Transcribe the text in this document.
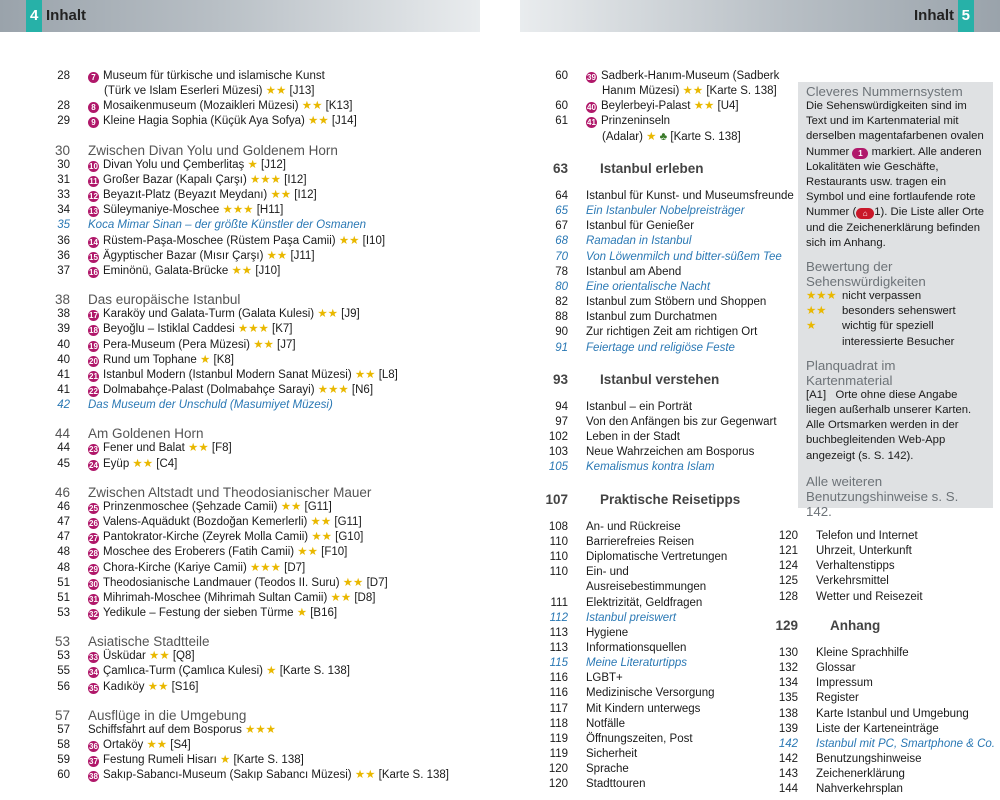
4 Inhalt	Inhalt 5
28	7 Museum für türkische und islamische Kunst
(Türk ve Islam Eserleri Müzesi) ★★ [J13]
28	8 Mosaikenmuseum (Mozaikleri Müzesi) ★★ [K13]
29	9 Kleine Hagia Sophia (Küçük Aya Sofya) ★★ [J14]
30	Zwischen Divan Yolu und Goldenem Horn
30	10 Divan Yolu und Çemberlitaş ★ [J12]
31	11 Großer Bazar (Kapalı Çarşı) ★★★ [I12]
33	12 Beyazıt-Platz (Beyazıt Meydanı) ★★ [I12]
34	13 Süleymaniye-Moschee ★★★ [H11]
35	Koca Mimar Sinan – der größte Künstler der Osmanen
36	14 Rüstem-Paşa-Moschee (Rüstem Paşa Camii) ★★ [I10]
36	15 Ägyptischer Bazar (Mısır Çarşı) ★★ [J11]
37	16 Eminönü, Galata-Brücke ★★ [J10]
38	Das europäische Istanbul
38	17 Karaköy und Galata-Turm (Galata Kulesi) ★★ [J9]
39	18 Beyoğlu – Istiklal Caddesi ★★★ [K7]
40	19 Pera-Museum (Pera Müzesi) ★★ [J7]
40	20 Rund um Tophane ★ [K8]
41	21 Istanbul Modern (Istanbul Modern Sanat Müzesi) ★★ [L8]
41	22 Dolmabahçe-Palast (Dolmabahçe Sarayi) ★★★ [N6]
42	Das Museum der Unschuld (Masumiyet Müzesi)
44	Am Goldenen Horn
44	23 Fener und Balat ★★ [F8]
45	24 Eyüp ★★ [C4]
46	Zwischen Altstadt und Theodosianischer Mauer
46	25 Prinzenmoschee (Şehzade Camii) ★★ [G11]
47	26 Valens-Aquädukt (Bozdoğan Kemerlerli) ★★ [G11]
47	27 Pantokrator-Kirche (Zeyrek Molla Camii) ★★ [G10]
48	28 Moschee des Eroberers (Fatih Camii) ★★ [F10]
48	29 Chora-Kirche (Kariye Camii) ★★★ [D7]
51	30 Theodosianische Landmauer (Teodos II. Suru) ★★ [D7]
51	31 Mihrimah-Moschee (Mihrimah Sultan Camii) ★★ [D8]
53	32 Yedikule – Festung der sieben Türme ★ [B16]
53	Asiatische Stadtteile
53	33 Üsküdar ★★ [Q8]
55	34 Çamlıca-Turm (Çamlıca Kulesi) ★ [Karte S. 138]
56	35 Kadıköy ★★ [S16]
57	Ausflüge in die Umgebung
57	Schiffsfahrt auf dem Bosporus ★★★
58	36 Ortaköy ★★ [S4]
59	37 Festung Rumeli Hisarı ★ [Karte S. 138]
60	38 Sakıp-Sabancı-Museum (Sakıp Sabancı Müzesi) ★★ [Karte S. 138]
60	39 Sadberk-Hanım-Museum (Sadberk
Hanım Müzesi) ★★ [Karte S. 138]
60	40 Beylerbeyi-Palast ★★ [U4]
61	41 Prinzeninseln
(Adalar) ★ ♣ [Karte S. 138]
63	Istanbul erleben
64	Istanbul für Kunst- und Museumsfreunde
65	Ein Istanbuler Nobelpreisträger
67	Istanbul für Genießer
68	Ramadan in Istanbul
70	Von Löwenmilch und bitter-süßem Tee
78	Istanbul am Abend
80	Eine orientalische Nacht
82	Istanbul zum Stöbern und Shoppen
88	Istanbul zum Durchatmen
90	Zur richtigen Zeit am richtigen Ort
91	Feiertage und religiöse Feste
93	Istanbul verstehen
94	Istanbul – ein Porträt
97	Von den Anfängen bis zur Gegenwart
102	Leben in der Stadt
103	Neue Wahrzeichen am Bosporus
105	Kemalismus kontra Islam
107	Praktische Reisetipps
108	An- und Rückreise
110	Barrierefreies Reisen
110	Diplomatische Vertretungen
110	Ein- und
Ausreisebestimmungen
111	Elektrizität, Geldfragen
112	Istanbul preiswert
113	Hygiene
113	Informationsquellen
115	Meine Literaturtipps
116	LGBT+
116	Medizinische Versorgung
117	Mit Kindern unterwegs
118	Notfälle
119	Öffnungszeiten, Post
119	Sicherheit
120	Sprache
120	Stadttouren
120	Telefon und Internet
121	Uhrzeit, Unterkunft
124	Verhaltenstipps
125	Verkehrsmittel
128	Wetter und Reisezeit
129	Anhang
130	Kleine Sprachhilfe
132	Glossar
134	Impressum
135	Register
138	Karte Istanbul und Umgebung
139	Liste der Karteneinträge
142	Istanbul mit PC, Smartphone & Co.
142	Benutzungshinweise
143	Zeichenerklärung
144	Nahverkehrsplan
Cleveres Nummernsystem
Die Sehenswürdigkeiten sind im Text und im Kartenmaterial mit derselben magentafarbenen ovalen Nummer 1 markiert. Alle anderen Lokalitäten wie Geschäfte, Restaurants usw. tragen ein Symbol und eine fortlaufende rote Nummer ( ⌂ 1). Die Liste aller Orte und die Zeichenerklärung befinden sich im Anhang.
Bewertung der Sehenswürdigkeiten
★★★ nicht verpassen
★★	besonders sehenswert
★	wichtig für speziell interessierte Besucher
Planquadrat im Kartenmaterial
[A1] Orte ohne diese Angabe liegen außerhalb unserer Karten. Alle Ortsmarken werden in der buchbegleitenden Web-App angezeigt (s. S. 142).
Alle weiteren Benutzungshinweise s. S. 142.
